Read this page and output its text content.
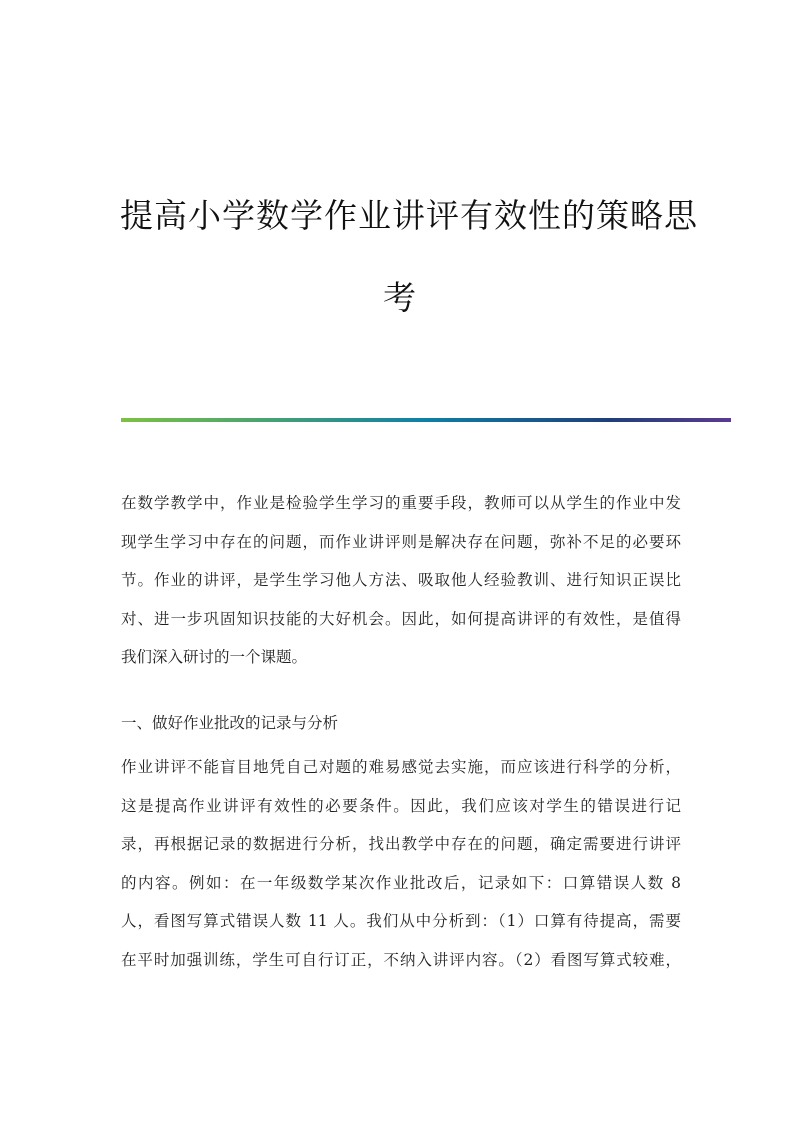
提高小学数学作业讲评有效性的策略思
考
在数学教学中，作业是检验学生学习的重要手段，教师可以从学生的作业中发
现学生学习中存在的问题，而作业讲评则是解决存在问题，弥补不足的必要环
节。作业的讲评，是学生学习他人方法、吸取他人经验教训、进行知识正误比
对、进一步巩固知识技能的大好机会。因此，如何提高讲评的有效性，是值得
我们深入研讨的一个课题。
一、做好作业批改的记录与分析
作业讲评不能盲目地凭自己对题的难易感觉去实施，而应该进行科学的分析，
这是提高作业讲评有效性的必要条件。因此，我们应该对学生的错误进行记
录，再根据记录的数据进行分析，找出教学中存在的问题，确定需要进行讲评
的内容。例如：在一年级数学某次作业批改后，记录如下：口算错误人数 8
人，看图写算式错误人数 11 人。我们从中分析到：（1）口算有待提高，需要
在平时加强训练，学生可自行订正，不纳入讲评内容。（2）看图写算式较难，
